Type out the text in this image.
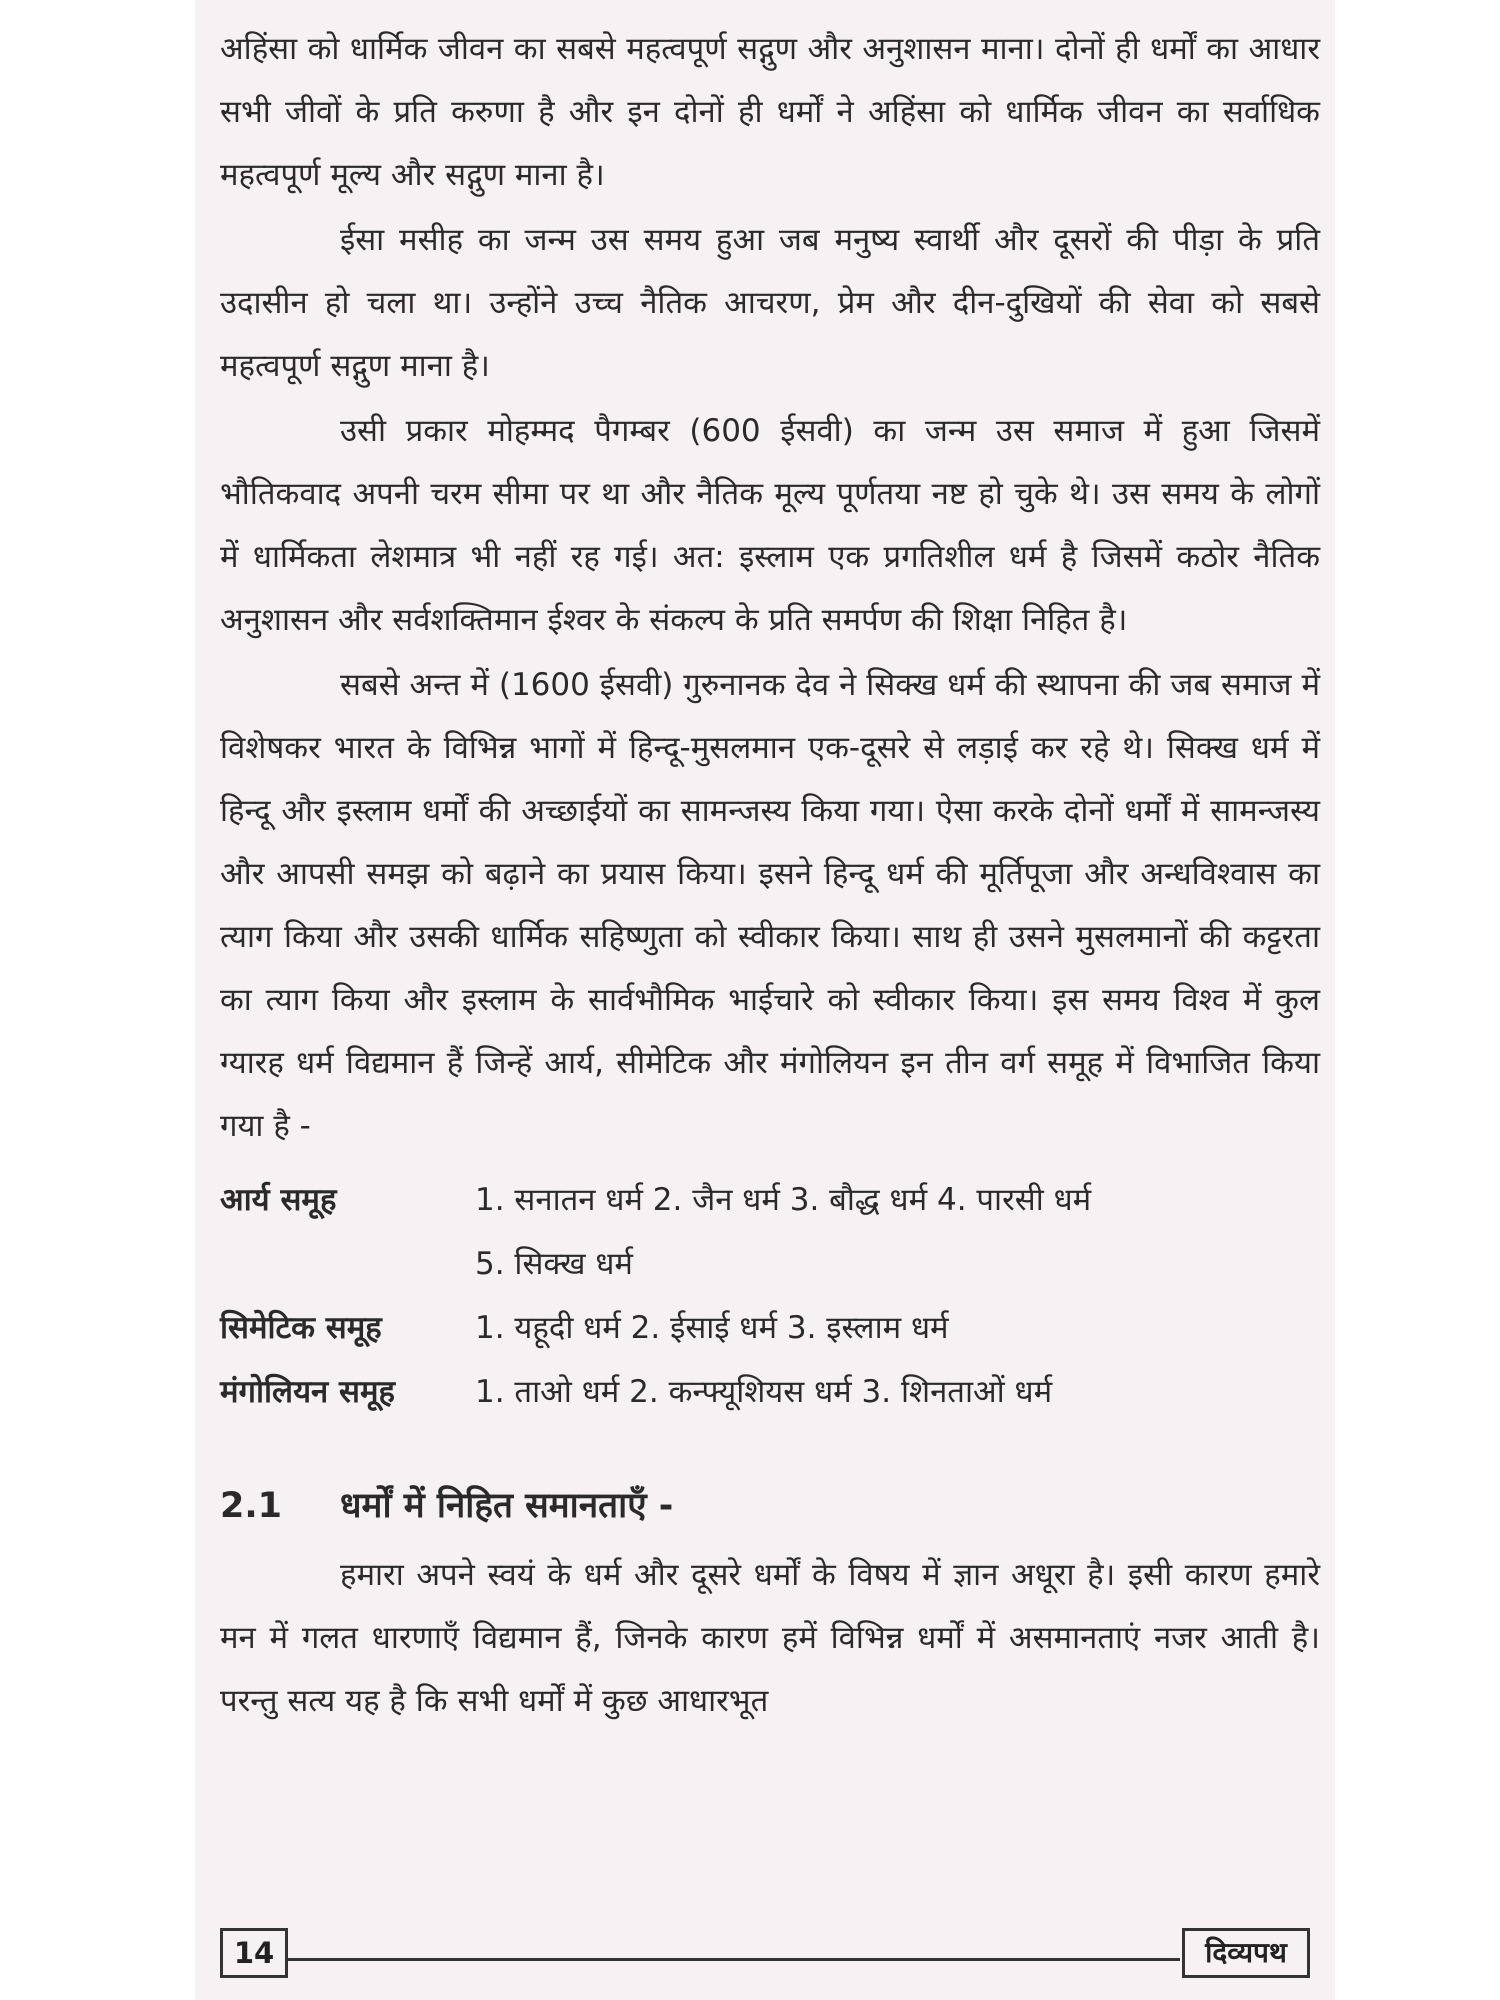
अहिंसा को धार्मिक जीवन का सबसे महत्वपूर्ण सद्गुण और अनुशासन माना। दोनों ही धर्मों का आधार सभी जीवों के प्रति करुणा है और इन दोनों ही धर्मों ने अहिंसा को धार्मिक जीवन का सर्वाधिक महत्वपूर्ण मूल्य और सद्गुण माना है।

ईसा मसीह का जन्म उस समय हुआ जब मनुष्य स्वार्थी और दूसरों की पीड़ा के प्रति उदासीन हो चला था। उन्होंने उच्च नैतिक आचरण, प्रेम और दीन-दुखियों की सेवा को सबसे महत्वपूर्ण सद्गुण माना है।

उसी प्रकार मोहम्मद पैगम्बर (600 ईसवी) का जन्म उस समाज में हुआ जिसमें भौतिकवाद अपनी चरम सीमा पर था और नैतिक मूल्य पूर्णतया नष्ट हो चुके थे। उस समय के लोगों में धार्मिकता लेशमात्र भी नहीं रह गई। अत: इस्लाम एक प्रगतिशील धर्म है जिसमें कठोर नैतिक अनुशासन और सर्वशक्तिमान ईश्वर के संकल्प के प्रति समर्पण की शिक्षा निहित है।

सबसे अन्त में (1600 ईसवी) गुरुनानक देव ने सिक्ख धर्म की स्थापना की जब समाज में विशेषकर भारत के विभिन्न भागों में हिन्दू-मुसलमान एक-दूसरे से लड़ाई कर रहे थे। सिक्ख धर्म में हिन्दू और इस्लाम धर्मों की अच्छाईयों का सामन्जस्य किया गया। ऐसा करके दोनों धर्मों में सामन्जस्य और आपसी समझ को बढ़ाने का प्रयास किया। इसने हिन्दू धर्म की मूर्तिपूजा और अन्धविश्वास का त्याग किया और उसकी धार्मिक सहिष्णुता को स्वीकार किया। साथ ही उसने मुसलमानों की कट्टरता का त्याग किया और इस्लाम के सार्वभौमिक भाईचारे को स्वीकार किया। इस समय विश्व में कुल ग्यारह धर्म विद्यमान हैं जिन्हें आर्य, सीमेटिक और मंगोलियन इन तीन वर्ग समूह में विभाजित किया गया है -

आर्य समूह	1. सनातन धर्म 2. जैन धर्म 3. बौद्ध धर्म 4. पारसी धर्म
5. सिक्ख धर्म
सिमेटिक समूह	1. यहूदी धर्म 2. ईसाई धर्म 3. इस्लाम धर्म
मंगोलियन समूह	1. ताओ धर्म 2. कन्फ्यूशियस धर्म 3. शिनताओं धर्म
2.1	धर्मों में निहित समानताएँ -

हमारा अपने स्वयं के धर्म और दूसरे धर्मों के विषय में ज्ञान अधूरा है। इसी कारण हमारे मन में गलत धारणाएँ विद्यमान हैं, जिनके कारण हमें विभिन्न धर्मों में असमानताएं नजर आती है। परन्तु सत्य यह है कि सभी धर्मों में कुछ आधारभूत

14	दिव्यपथ
